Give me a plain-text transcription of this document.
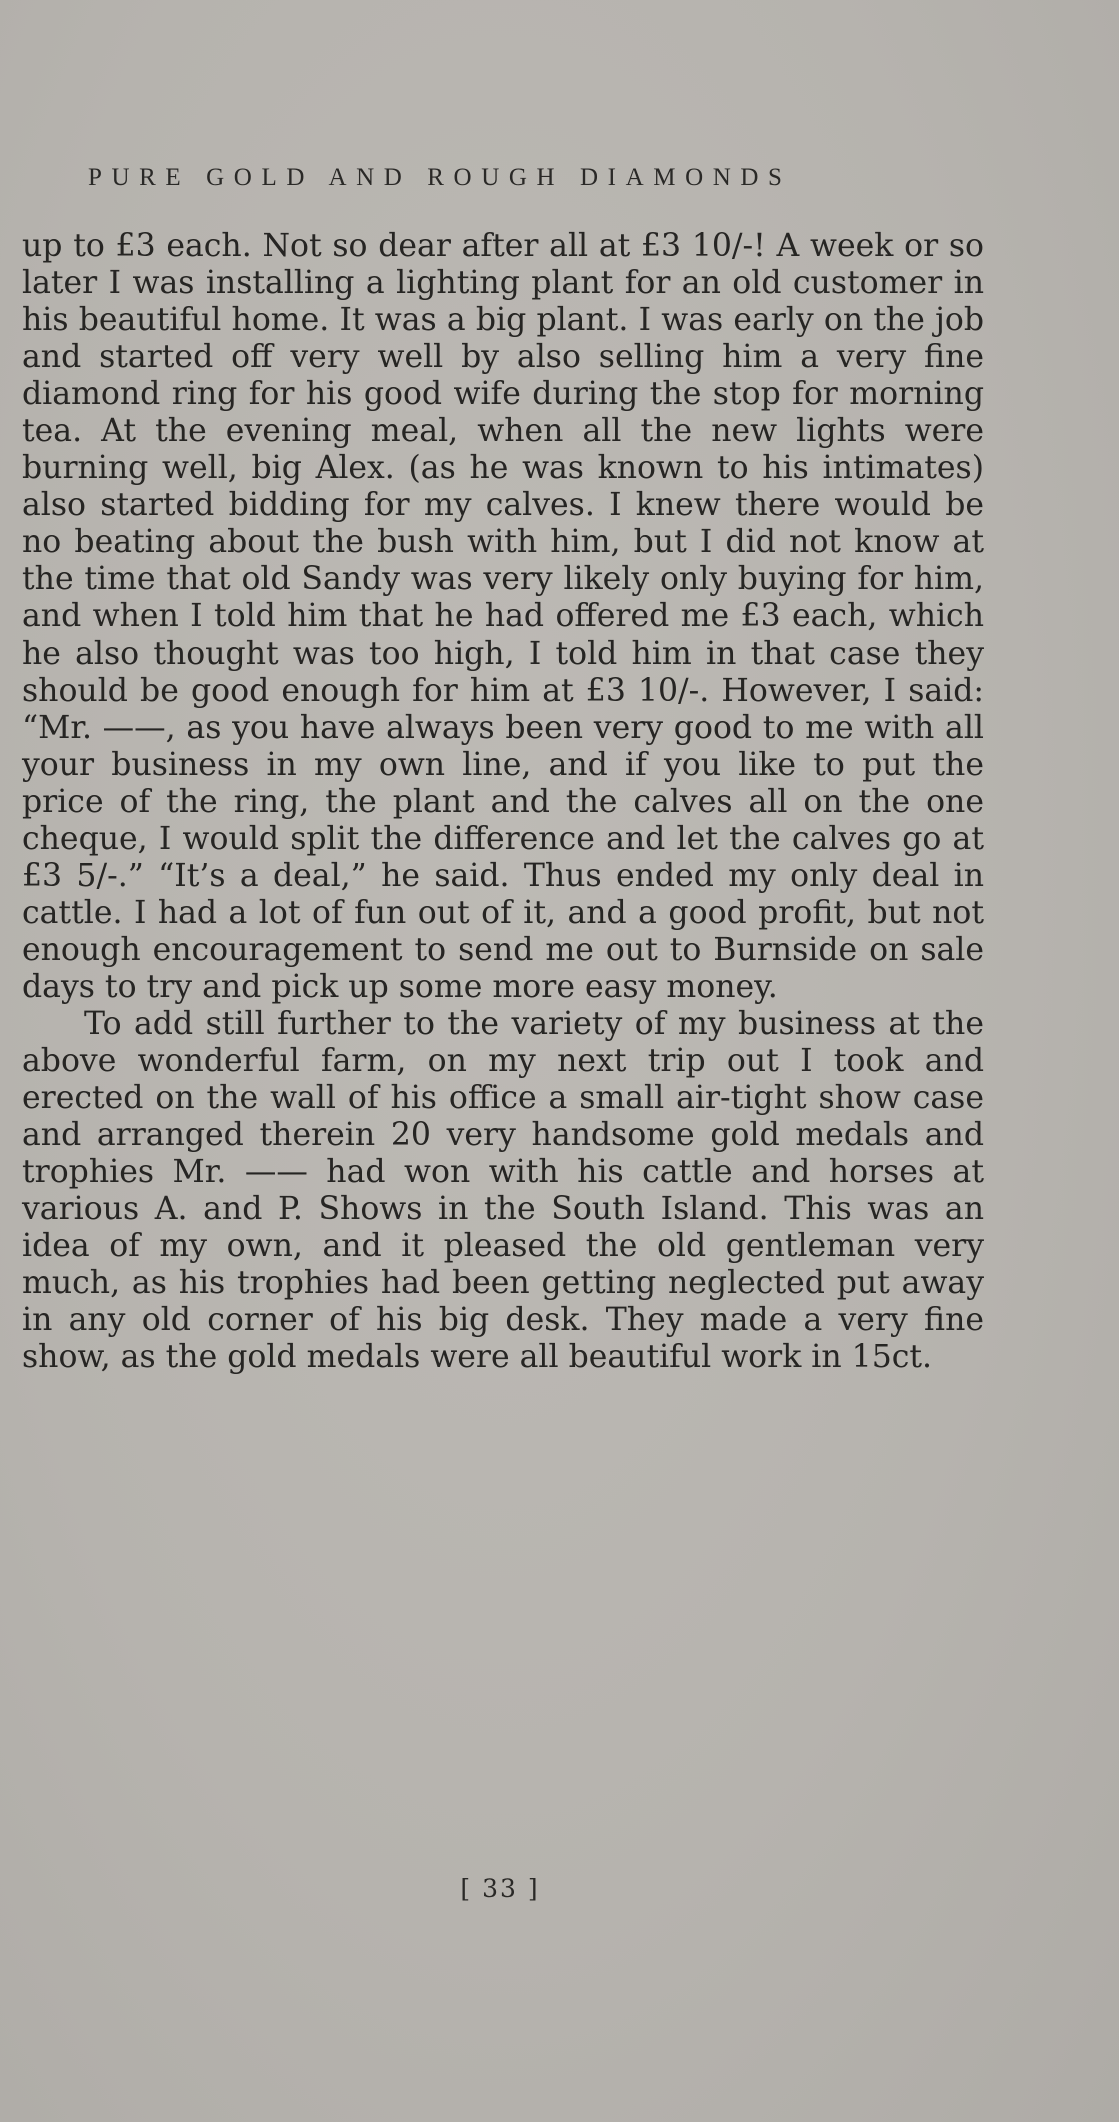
PURE GOLD AND ROUGH DIAMONDS

up to £3 each. Not so dear after all at £3 10/-! A week or so later I was installing a lighting plant for an old customer in his beautiful home. It was a big plant. I was early on the job and started off very well by also selling him a very fine diamond ring for his good wife during the stop for morning tea. At the evening meal, when all the new lights were burning well, big Alex. (as he was known to his intimates) also started bidding for my calves. I knew there would be no beating about the bush with him, but I did not know at the time that old Sandy was very likely only buying for him, and when I told him that he had offered me £3 each, which he also thought was too high, I told him in that case they should be good enough for him at £3 10/-. However, I said: “Mr. ——, as you have always been very good to me with all your business in my own line, and if you like to put the price of the ring, the plant and the calves all on the one cheque, I would split the difference and let the calves go at £3 5/-.” “It’s a deal,” he said. Thus ended my only deal in cattle. I had a lot of fun out of it, and a good profit, but not enough encouragement to send me out to Burnside on sale days to try and pick up some more easy money.

To add still further to the variety of my business at the above wonderful farm, on my next trip out I took and erected on the wall of his office a small air-tight show case and arranged therein 20 very handsome gold medals and trophies Mr. —— had won with his cattle and horses at various A. and P. Shows in the South Island. This was an idea of my own, and it pleased the old gentleman very much, as his trophies had been getting neglected put away in any old corner of his big desk. They made a very fine show, as the gold medals were all beautiful work in 15ct.

[ 33 ]
